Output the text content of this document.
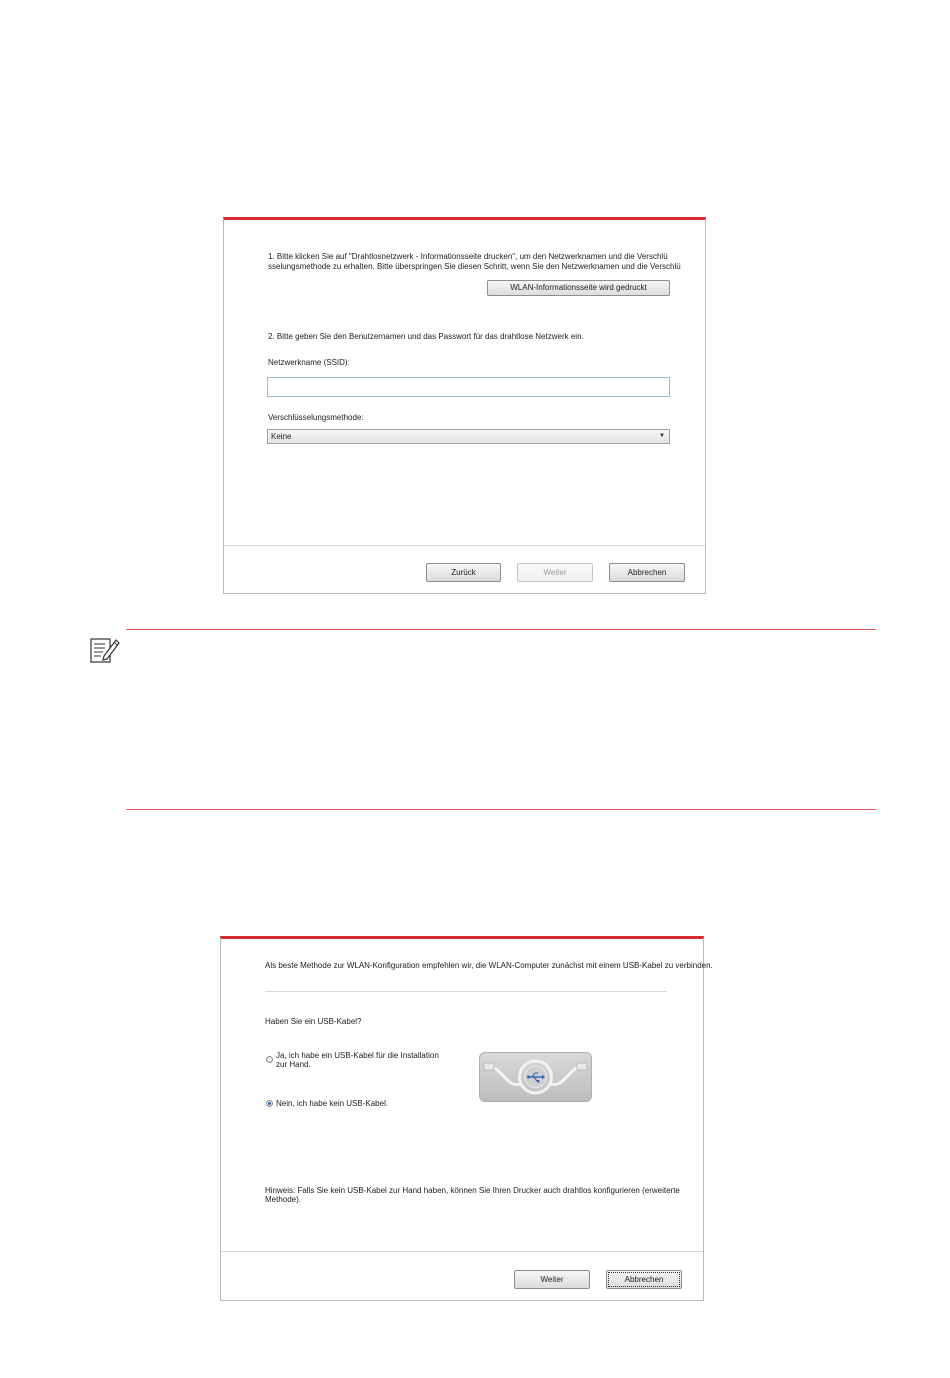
1. Bitte klicken Sie auf "Drahtlosnetzwerk - Informationsseite drucken", um den Netzwerknamen und die Verschlü
sselungsmethode zu erhalten. Bitte überspringen Sie diesen Schritt, wenn Sie den Netzwerknamen und die Verschlü
WLAN-Informationsseite wird gedruckt
2. Bitte geben Sie den Benutzernamen und das Passwort für das drahtlose Netzwerk ein.
Netzwerkname (SSID):
Verschlüsselungsmethode:
Keine	▼
Zurück	Weiter	Abbrechen
Als beste Methode zur WLAN-Konfiguration empfehlen wir, die WLAN-Computer zunächst mit einem USB-Kabel zu verbinden.
Haben Sie ein USB-Kabel?
Ja, ich habe ein USB-Kabel für die Installation
zur Hand.
Nein, ich habe kein USB-Kabel.
Hinweis: Falls Sie kein USB-Kabel zur Hand haben, können Sie Ihren Drucker auch drahtlos konfigurieren (erweiterte
Methode).
Weiter	Abbrechen
